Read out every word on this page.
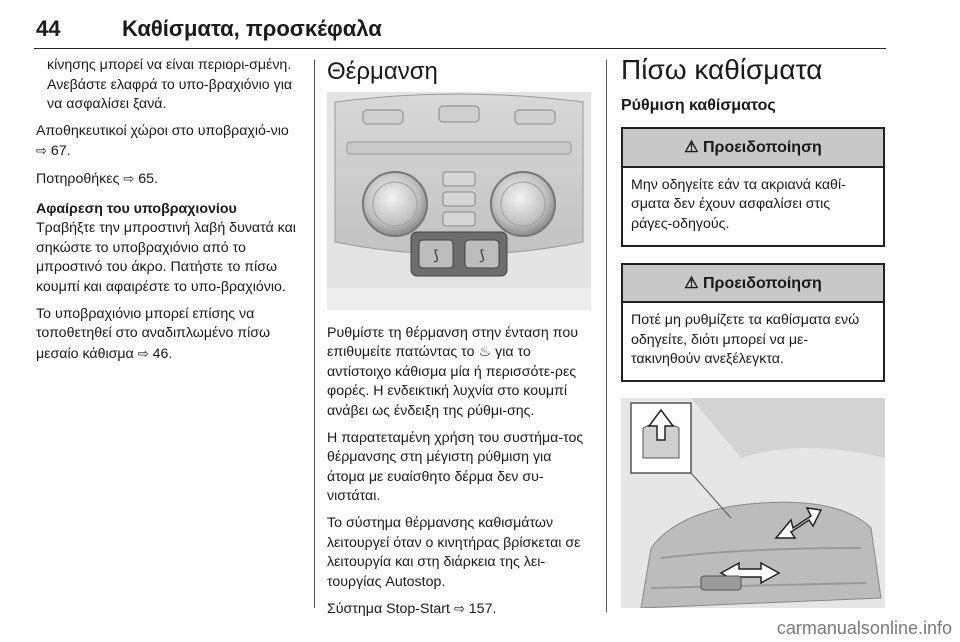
44	Καθίσματα, προσκέφαλα

κίνησης μπορεί να είναι περιορι-σμένη. Ανεβάστε ελαφρά το υπο-βραχιόνιο για να ασφαλίσει ξανά.

Αποθηκευτικοί χώροι στο υποβραχιό-νιο ⇨ 67.

Ποτηροθήκες ⇨ 65.

Αφαίρεση του υποβραχιονίου

Τραβήξτε την μπροστινή λαβή δυνατά και σηκώστε το υποβραχιόνιο από το μπροστινό του άκρο. Πατήστε το πίσω κουμπί και αφαιρέστε το υπο-βραχιόνιο.

Το υποβραχιόνιο μπορεί επίσης να τοποθετηθεί στο αναδιπλωμένο πίσω μεσαίο κάθισμα ⇨ 46.

Θέρμανση
⟆	⟆

Ρυθμίστε τη θέρμανση στην ένταση που επιθυμείτε πατώντας το ♨ για το αντίστοιχο κάθισμα μία ή περισσότε-ρες φορές. Η ενδεικτική λυχνία στο κουμπί ανάβει ως ένδειξη της ρύθμι-σης.

Η παρατεταμένη χρήση του συστήμα-τος θέρμανσης στη μέγιστη ρύθμιση για άτομα με ευαίσθητο δέρμα δεν συ-νιστάται.

Το σύστημα θέρμανσης καθισμάτων λειτουργεί όταν ο κινητήρας βρίσκεται σε λειτουργία και στη διάρκεια της λει-τουργίας Autostop.

Σύστημα Stop-Start ⇨ 157.

Πίσω καθίσματα
Ρύθμιση καθίσματος
⚠ Προειδοποίηση
Μην οδηγείτε εάν τα ακριανά καθί-σματα δεν έχουν ασφαλίσει στις ράγες-οδηγούς.
⚠ Προειδοποίηση
Ποτέ μη ρυθμίζετε τα καθίσματα ενώ οδηγείτε, διότι μπορεί να με-τακινηθούν ανεξέλεγκτα.
carmanualsonline.info
